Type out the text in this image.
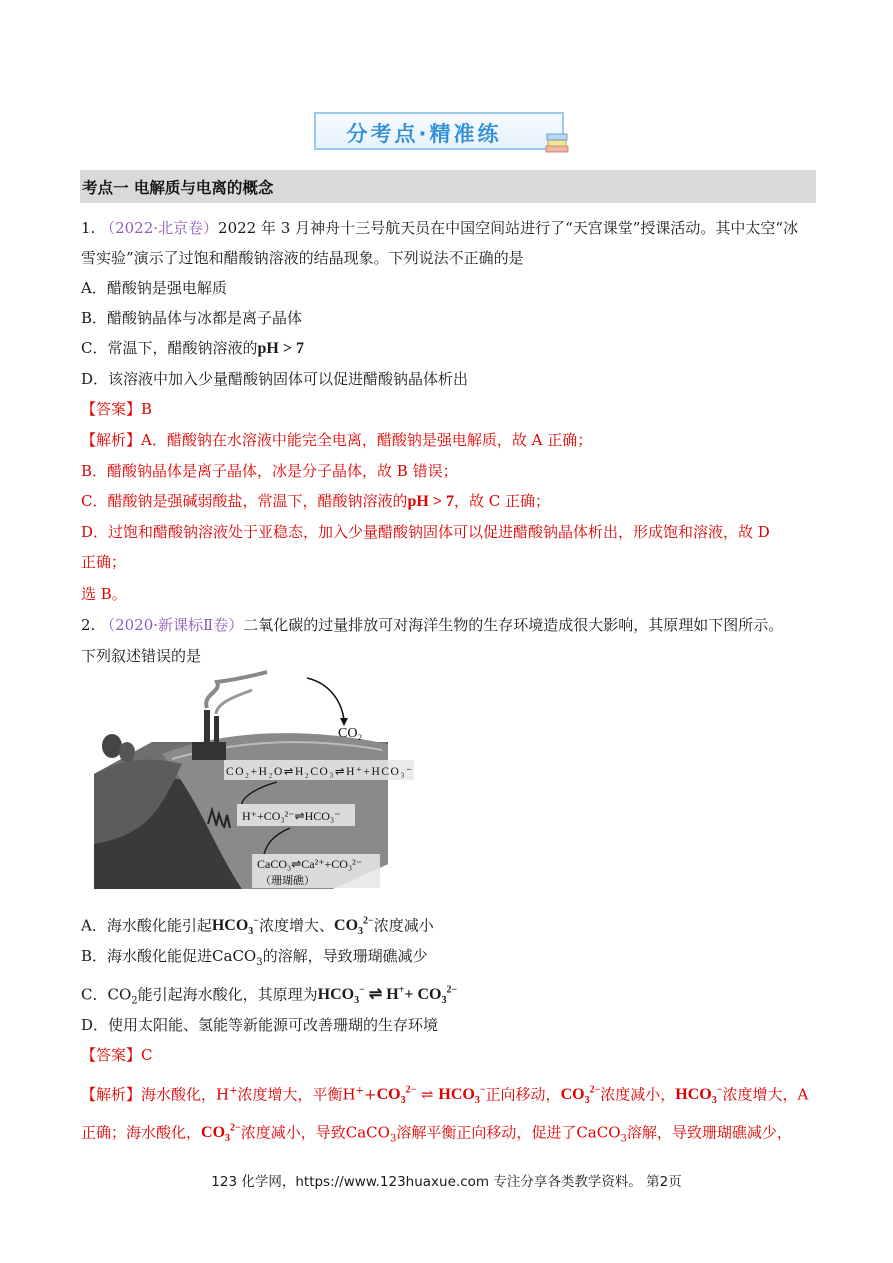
分考点·精准练
考点一 电解质与电离的概念
1. （2022·北京卷）2022 年 3 月神舟十三号航天员在中国空间站进行了“天宫课堂”授课活动。其中太空“冰
雪实验”演示了过饱和醋酸钠溶液的结晶现象。下列说法不正确的是
A．醋酸钠是强电解质
B．醋酸钠晶体与冰都是离子晶体
C．常温下，醋酸钠溶液的pH > 7
D．该溶液中加入少量醋酸钠固体可以促进醋酸钠晶体析出
【答案】B
【解析】A．醋酸钠在水溶液中能完全电离，醋酸钠是强电解质，故 A 正确；
B．醋酸钠晶体是离子晶体，冰是分子晶体，故 B 错误；
C．醋酸钠是强碱弱酸盐，常温下，醋酸钠溶液的pH > 7，故 C 正确；
D．过饱和醋酸钠溶液处于亚稳态，加入少量醋酸钠固体可以促进醋酸钠晶体析出，形成饱和溶液，故 D
正确；
选 B。
2. （2020·新课标Ⅱ卷）二氧化碳的过量排放可对海洋生物的生存环境造成很大影响，其原理如下图所示。
下列叙述错误的是
CO₂
CO₂+H₂O⇌H₂CO₃⇌H⁺+HCO₃⁻
H⁺+CO₃²⁻⇌HCO₃⁻
CaCO₃⇌Ca²⁺+CO₃²⁻
（珊瑚礁）
A．海水酸化能引起$HCO_3^-$浓度增大、$CO_3^{2-}$浓度减小
B．海水酸化能促进CaCO$_3$的溶解，导致珊瑚礁减少
C．$CO_2$能引起海水酸化，其原理为$HCO_3^-$ ⇌ $H^++ CO_3^{2-}$
D．使用太阳能、氢能等新能源可改善珊瑚的生存环境
【答案】C
【解析】海水酸化，H+浓度增大，平衡$H^++CO_3^{2-}$ ⇌ $HCO_3^-$正向移动，$CO_3^{2-}$浓度减小，$HCO_3^-$浓度增大，A
正确；海水酸化，$CO_3^{2-}$浓度减小，导致CaCO$_3$溶解平衡正向移动，促进了CaCO$_3$溶解，导致珊瑚礁减少，
123 化学网，https://www.123huaxue.com 专注分享各类教学资料。 第2页
